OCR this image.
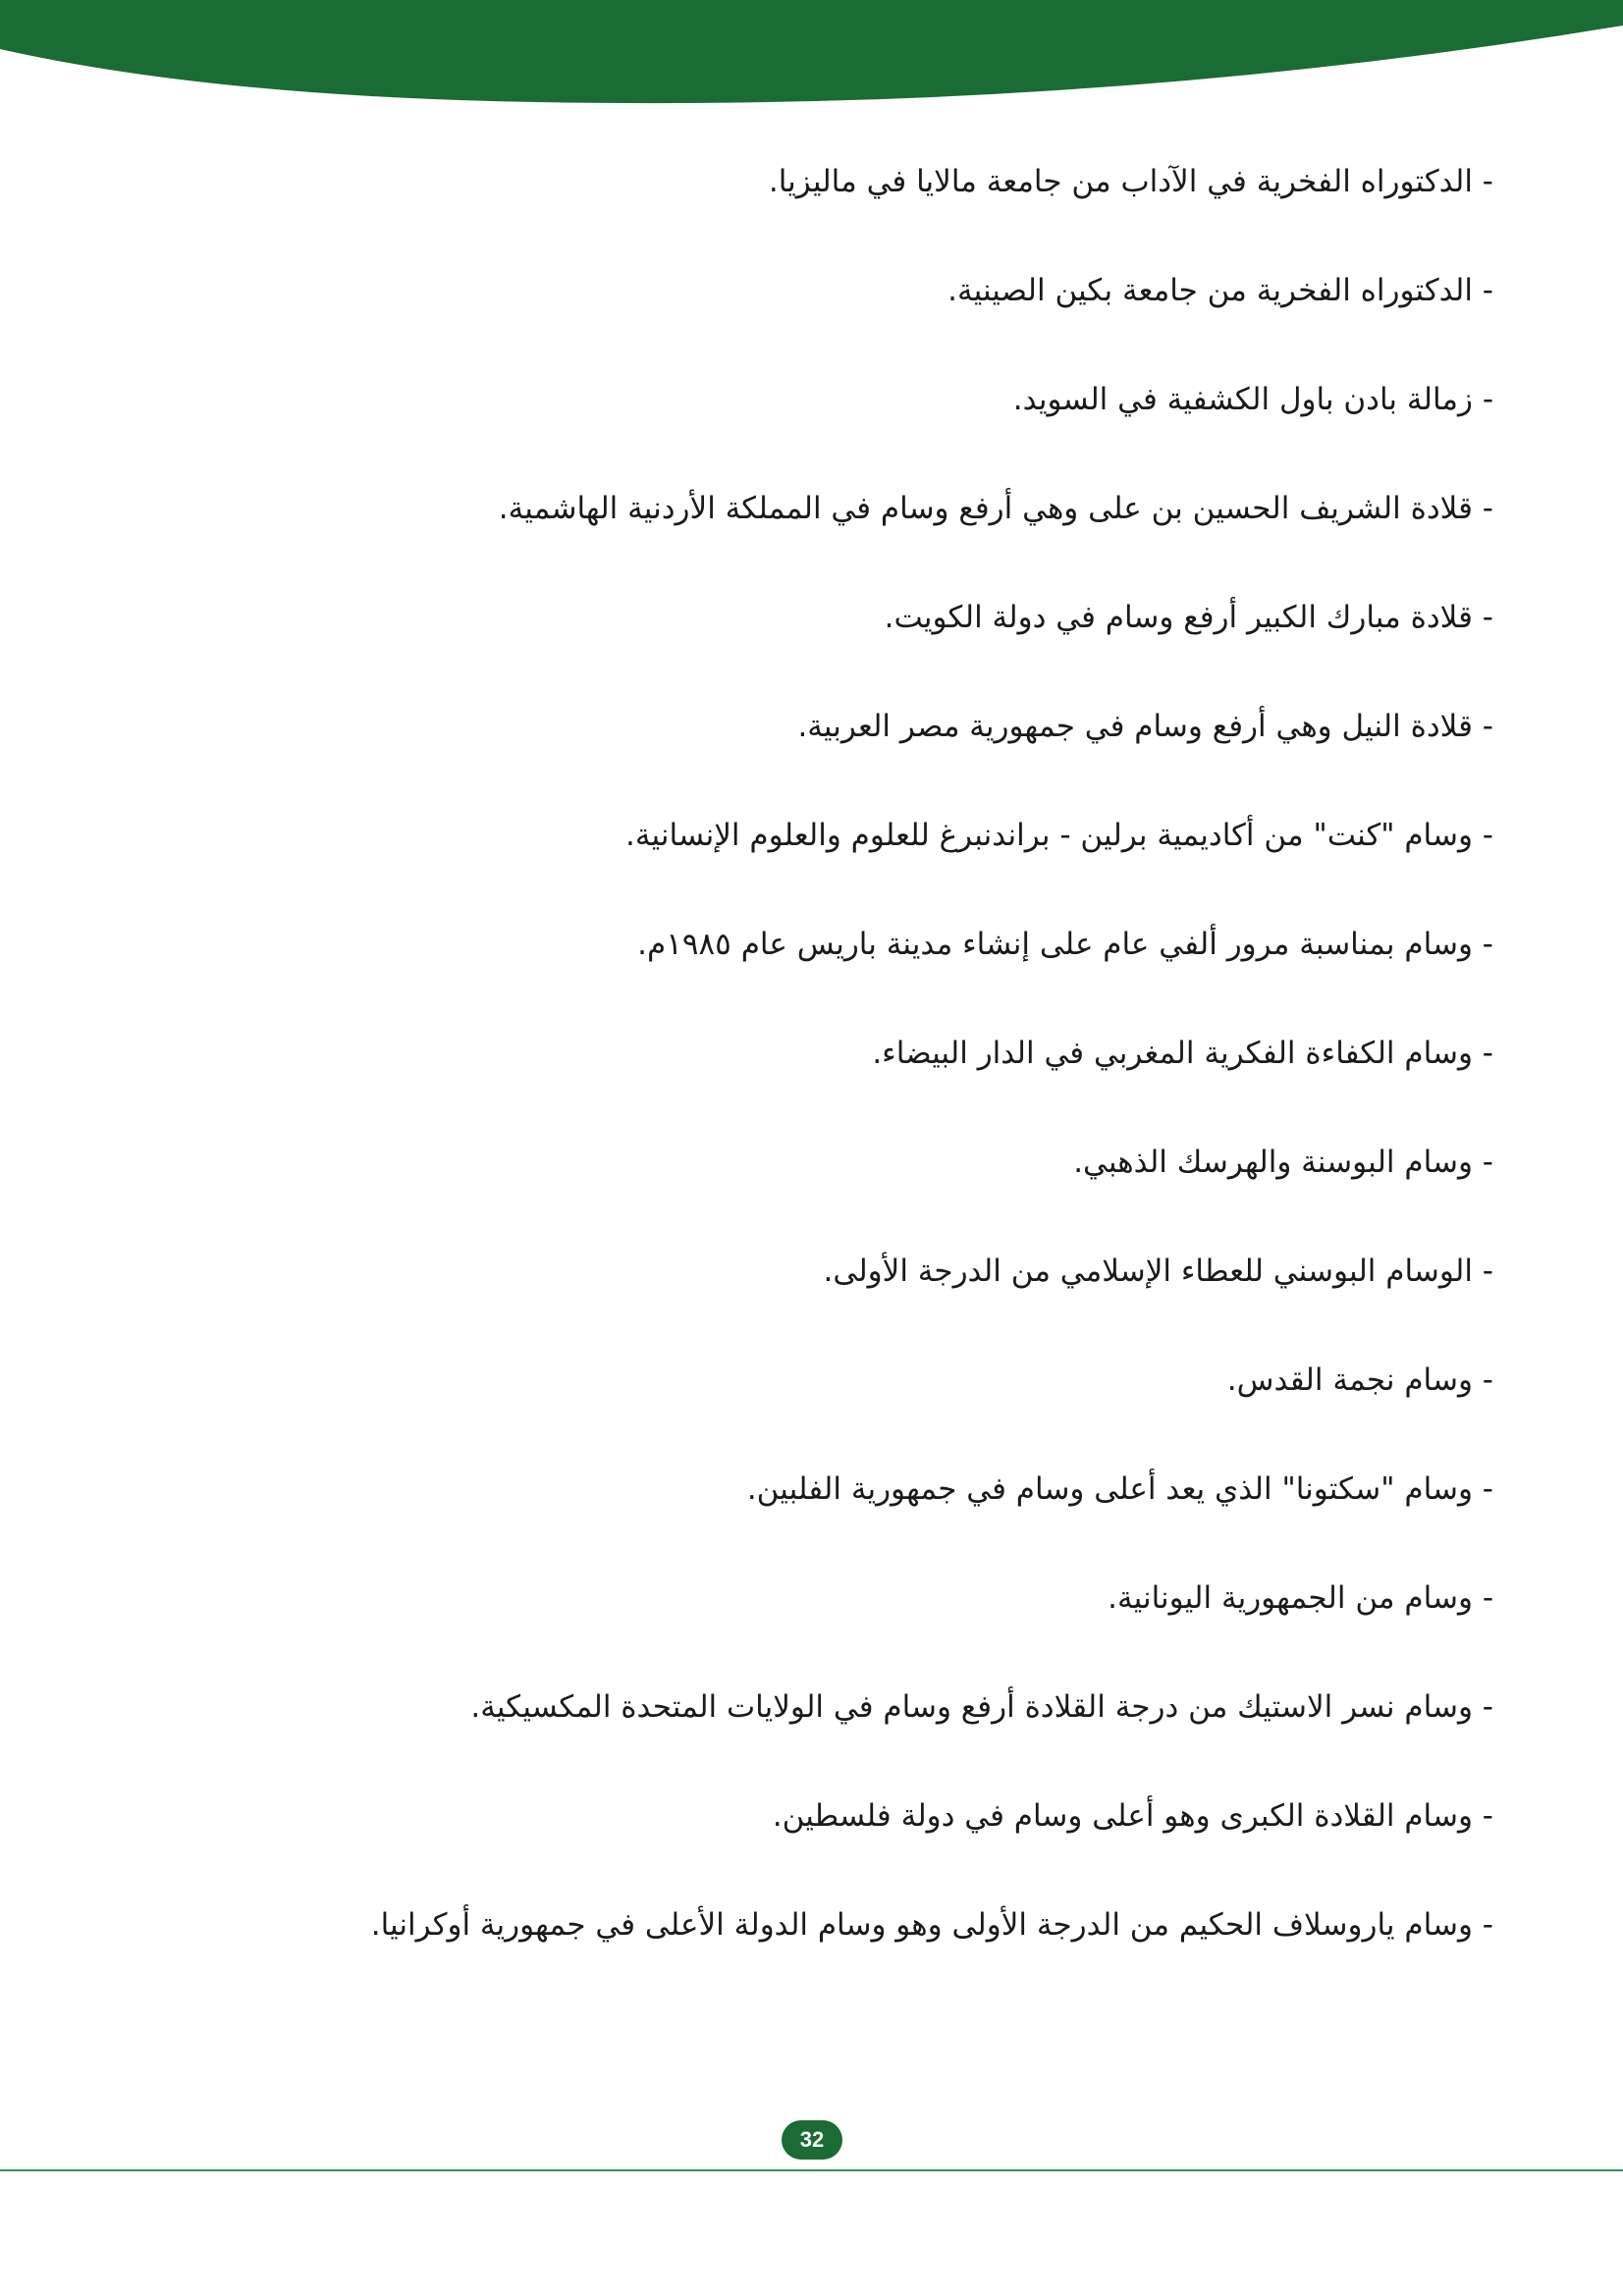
- الدكتوراه الفخرية في الآداب من جامعة مالايا في ماليزيا.
- الدكتوراه الفخرية من جامعة بكين الصينية.
- زمالة بادن باول الكشفية في السويد.
- قلادة الشريف الحسين بن على وهي أرفع وسام في المملكة الأردنية الهاشمية.
- قلادة مبارك الكبير أرفع وسام في دولة الكويت.
- قلادة النيل وهي أرفع وسام في جمهورية مصر العربية.
- وسام "كنت" من أكاديمية برلين - براندنبرغ للعلوم والعلوم الإنسانية.
- وسام بمناسبة مرور ألفي عام على إنشاء مدينة باريس عام ١٩٨٥م.
- وسام الكفاءة الفكرية المغربي في الدار البيضاء.
- وسام البوسنة والهرسك الذهبي.
- الوسام البوسني للعطاء الإسلامي من الدرجة الأولى.
- وسام نجمة القدس.
- وسام "سكتونا" الذي يعد أعلى وسام في جمهورية الفلبين.
- وسام من الجمهورية اليونانية.
- وسام نسر الاستيك من درجة القلادة أرفع وسام في الولايات المتحدة المكسيكية.
- وسام القلادة الكبرى وهو أعلى وسام في دولة فلسطين.
- وسام ياروسلاف الحكيم من الدرجة الأولى وهو وسام الدولة الأعلى في جمهورية أوكرانيا.
32
